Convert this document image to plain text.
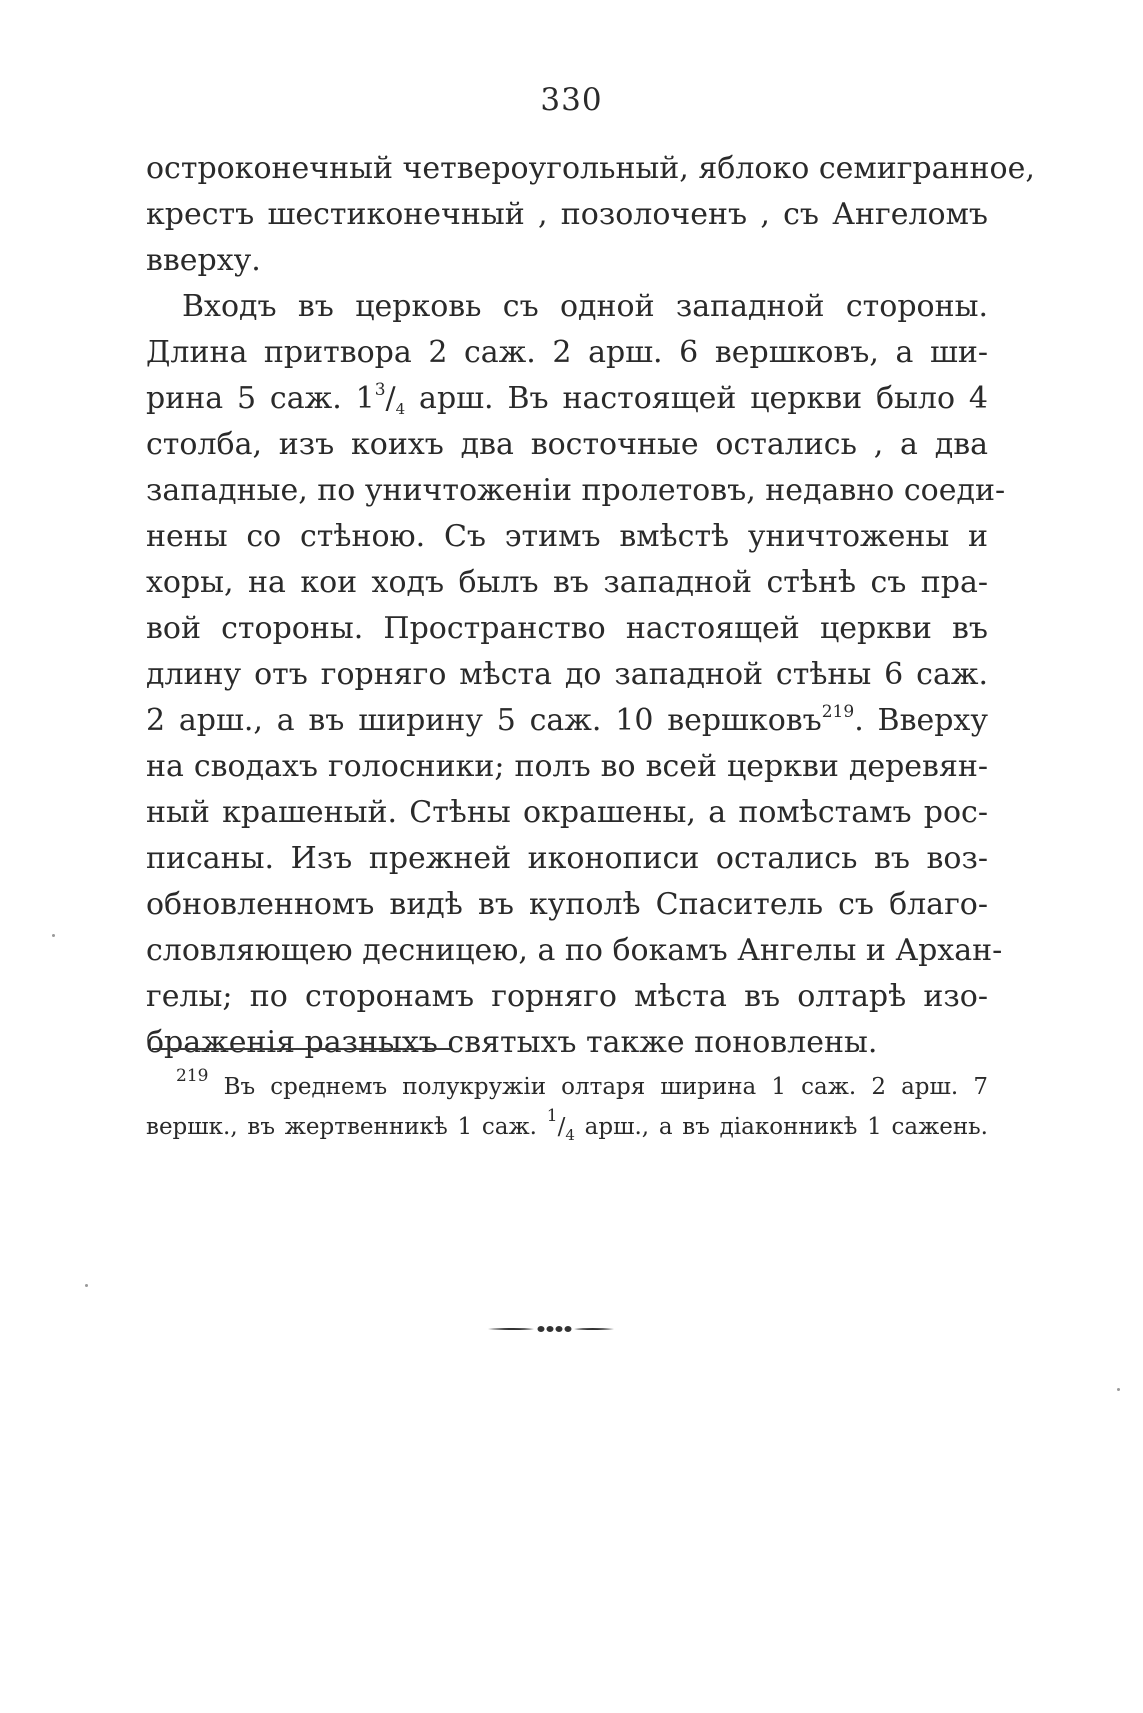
330
остроконечный четвероугольный, яблоко семигранное,
крестъ шестиконечный , позолоченъ , съ Ангеломъ
вверху.
Входъ въ церковь съ одной западной стороны.
Длина притвора 2 саж. 2 арш. 6 вершковъ, а ши-
рина 5 саж. $1^3/_4$ арш. Въ настоящей церкви было 4
столба, изъ коихъ два восточные остались , а два
западные, по уничтоженіи пролетовъ, недавно соеди-
нены со стѣною. Съ этимъ вмѣстѣ уничтожены и
хоры, на кои ходъ былъ въ западной стѣнѣ съ пра-
вой стороны. Пространство настоящей церкви въ
длину отъ горняго мѣста до западной стѣны 6 саж.
2 арш., а въ ширину 5 саж. 10 вершковъ$^{219}$. Вверху
на сводахъ голосники; полъ во всей церкви деревян-
ный крашеный. Стѣны окрашены, а помѣстамъ рос-
писаны. Изъ прежней иконописи остались въ воз-
обновленномъ видѣ въ куполѣ Спаситель съ благо-
словляющею десницею, а по бокамъ Ангелы и Архан-
гелы; по сторонамъ горняго мѣста въ олтарѣ изо-
браженія разныхъ святыхъ также поновлены.
$^{219}$ Въ среднемъ полукружіи олтаря ширина 1 саж. 2 арш. 7
вершк., въ жертвенникѣ 1 саж. $^1/_4$ арш., а въ діаконникѣ 1 сажень.
